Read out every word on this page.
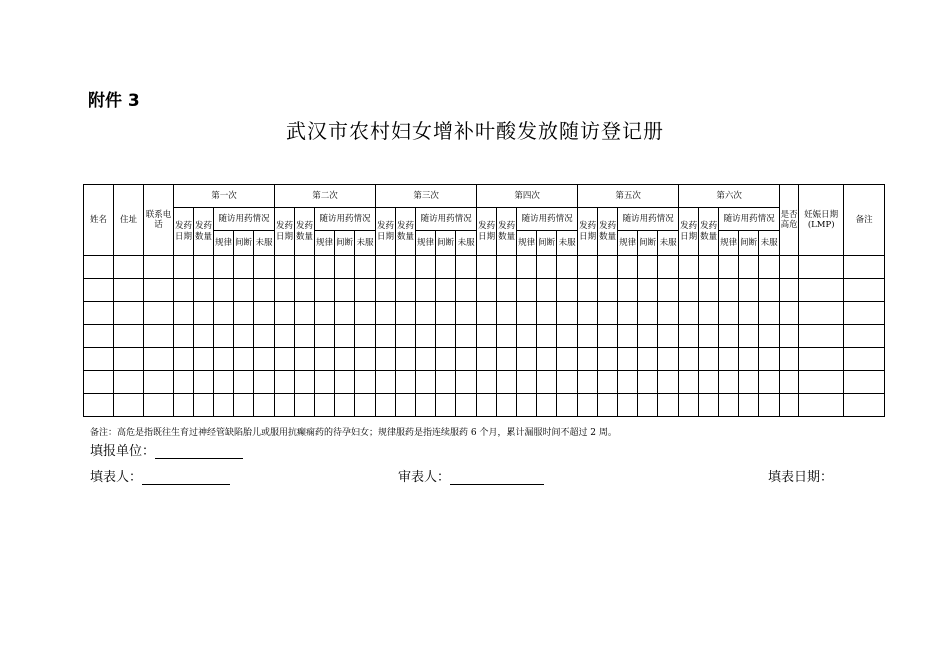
附件 3
武汉市农村妇女增补叶酸发放随访登记册
姓名	住址	联系电话	第一次					第二次					第三次					第四次					第五次					第六次					是否高危	妊娠日期(LMP)	备注
			发药日期	发药数量	随访用药情况			发药日期	发药数量	随访用药情况			发药日期	发药数量	随访用药情况			发药日期	发药数量	随访用药情况			发药日期	发药数量	随访用药情况			发药日期	发药数量	随访用药情况					
					规律	间断	未服			规律	间断	未服			规律	间断	未服			规律	间断	未服			规律	间断	未服			规律	间断	未服			

备注：高危是指既往生育过神经管缺陷胎儿或服用抗癫痫药的待孕妇女；规律服药是指连续服药 6 个月，累计漏服时间不超过 2 周。
填报单位：
填表人：	审表人：	填表日期：
